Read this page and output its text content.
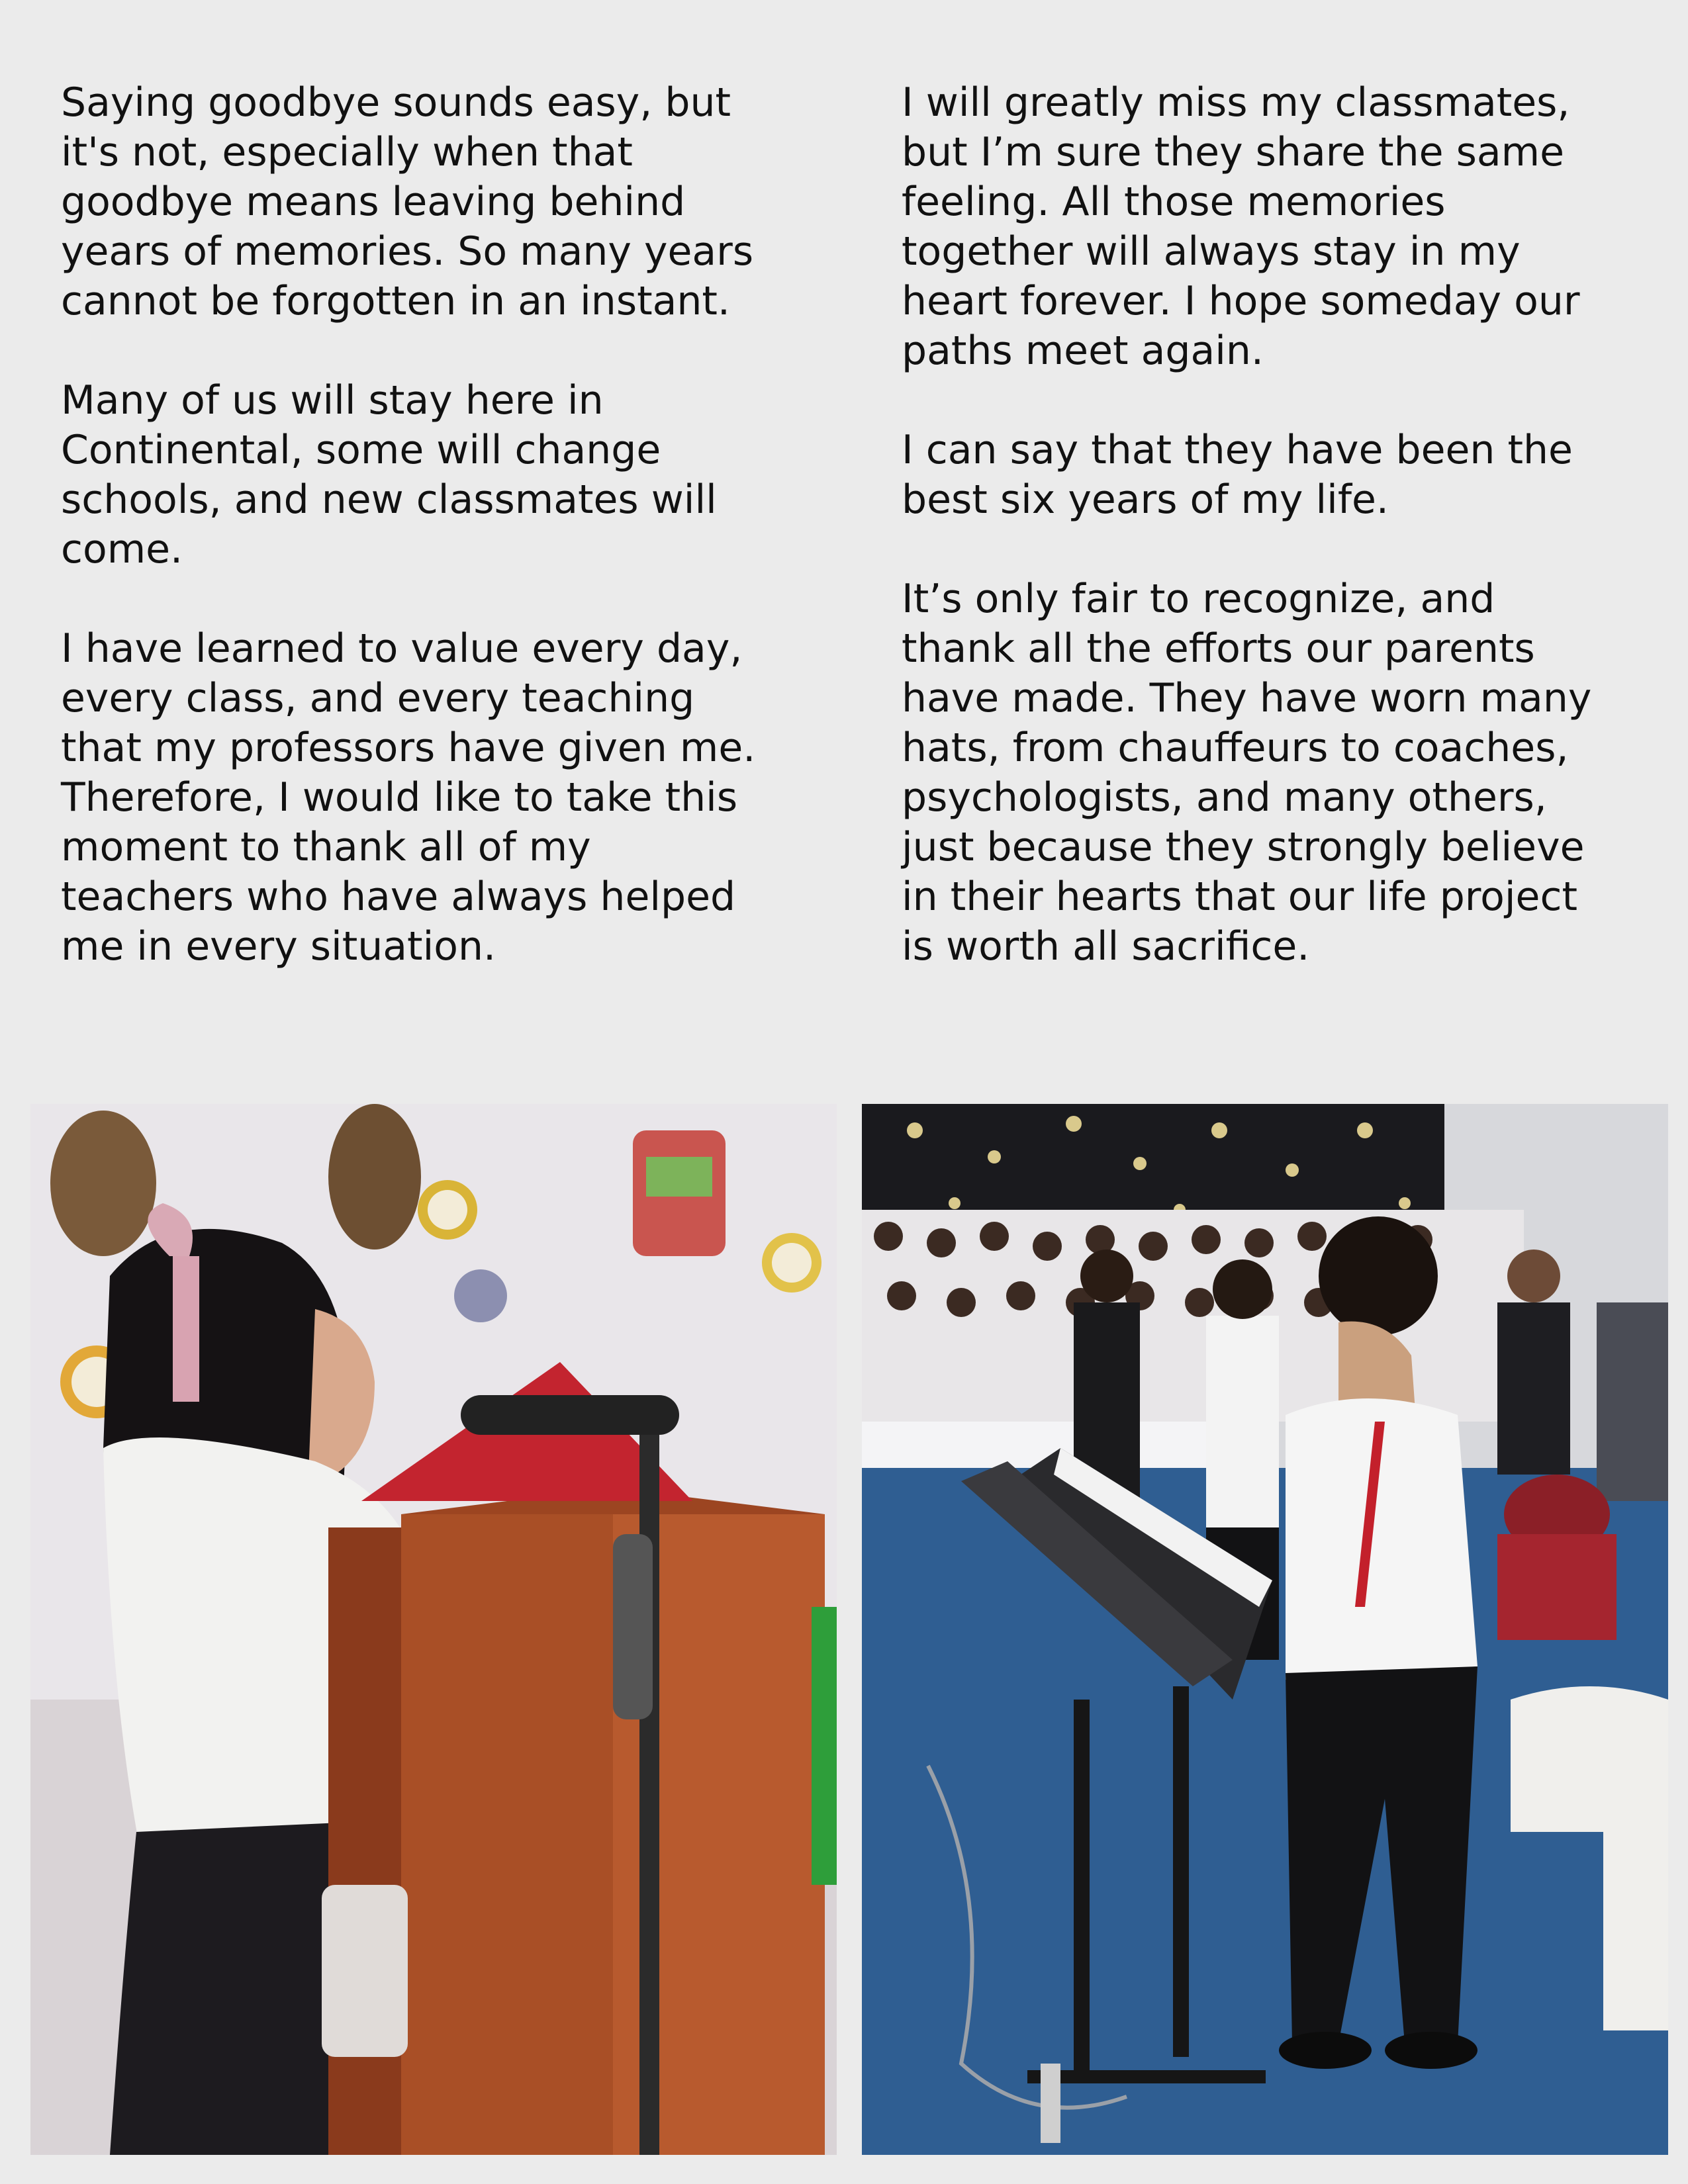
Saying goodbye sounds easy, but
it's not, especially when that
goodbye means leaving behind
years of memories. So many years
cannot be forgotten in an instant.

Many of us will stay here in
Continental, some will change
schools, and new classmates will
come.

I have learned to value every day,
every class, and every teaching
that my professors have given me.
Therefore, I would like to take this
moment to thank all of my
teachers who have always helped
me in every situation.

I will greatly miss my classmates,
but I’m sure they share the same
feeling. All those memories
together will always stay in my
heart forever. I hope someday our
paths meet again.

I can say that they have been the
best six years of my life.

It’s only fair to recognize, and
thank all the efforts our parents
have made. They have worn many
hats, from chauffeurs to coaches,
psychologists, and many others,
just because they strongly believe
in their hearts that our life project
is worth all sacrifice.
